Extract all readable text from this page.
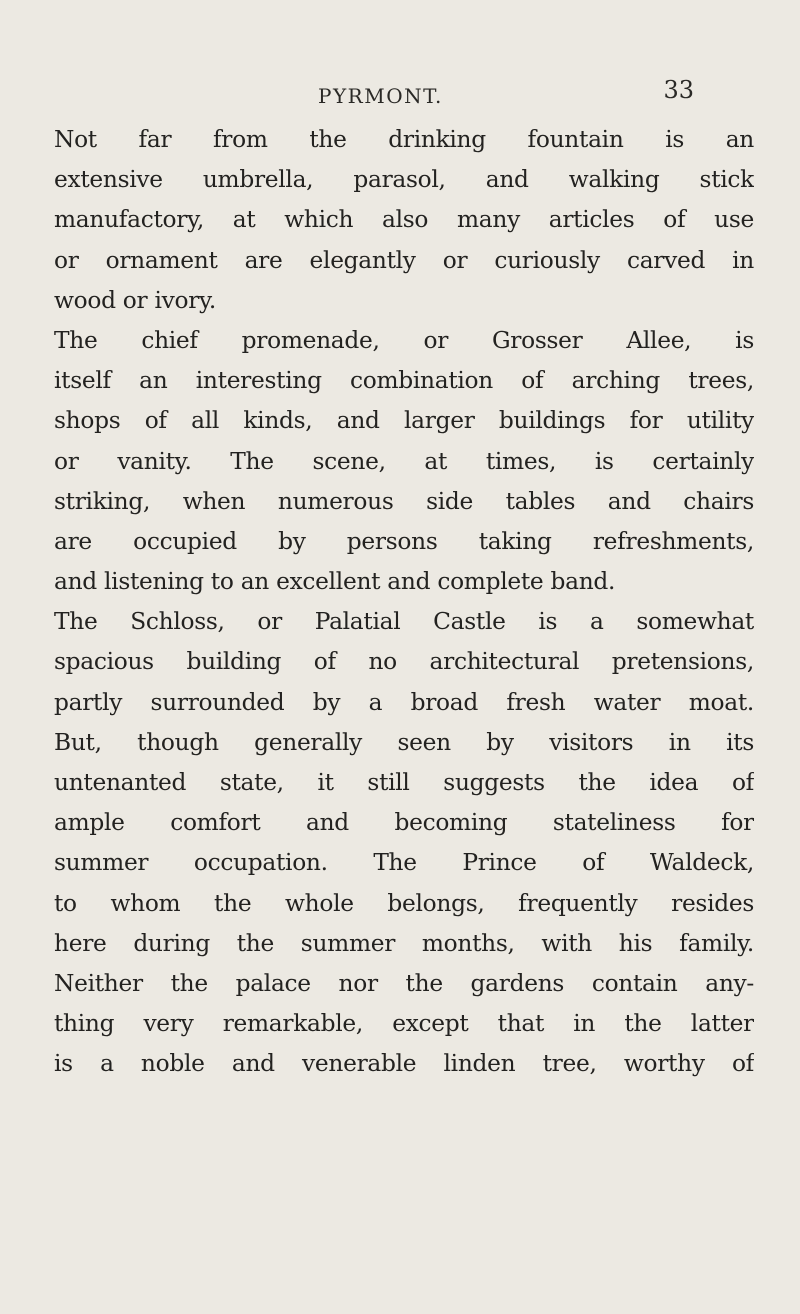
PYRMONT.	33
Not far from the drinking fountain is an
extensive umbrella, parasol, and walking stick
manufactory, at which also many articles of use
or ornament are elegantly or curiously carved in
wood or ivory.
The chief promenade, or Grosser Allee, is
itself an interesting combination of arching trees,
shops of all kinds, and larger buildings for utility
or vanity. The scene, at times, is certainly
striking, when numerous side tables and chairs
are occupied by persons taking refreshments,
and listening to an excellent and complete band.
The Schloss, or Palatial Castle is a somewhat
spacious building of no architectural pretensions,
partly surrounded by a broad fresh water moat.
But, though generally seen by visitors in its
untenanted state, it still suggests the idea of
ample comfort and becoming stateliness for
summer occupation. The Prince of Waldeck,
to whom the whole belongs, frequently resides
here during the summer months, with his family.
Neither the palace nor the gardens contain any-
thing very remarkable, except that in the latter
is a noble and venerable linden tree, worthy of
